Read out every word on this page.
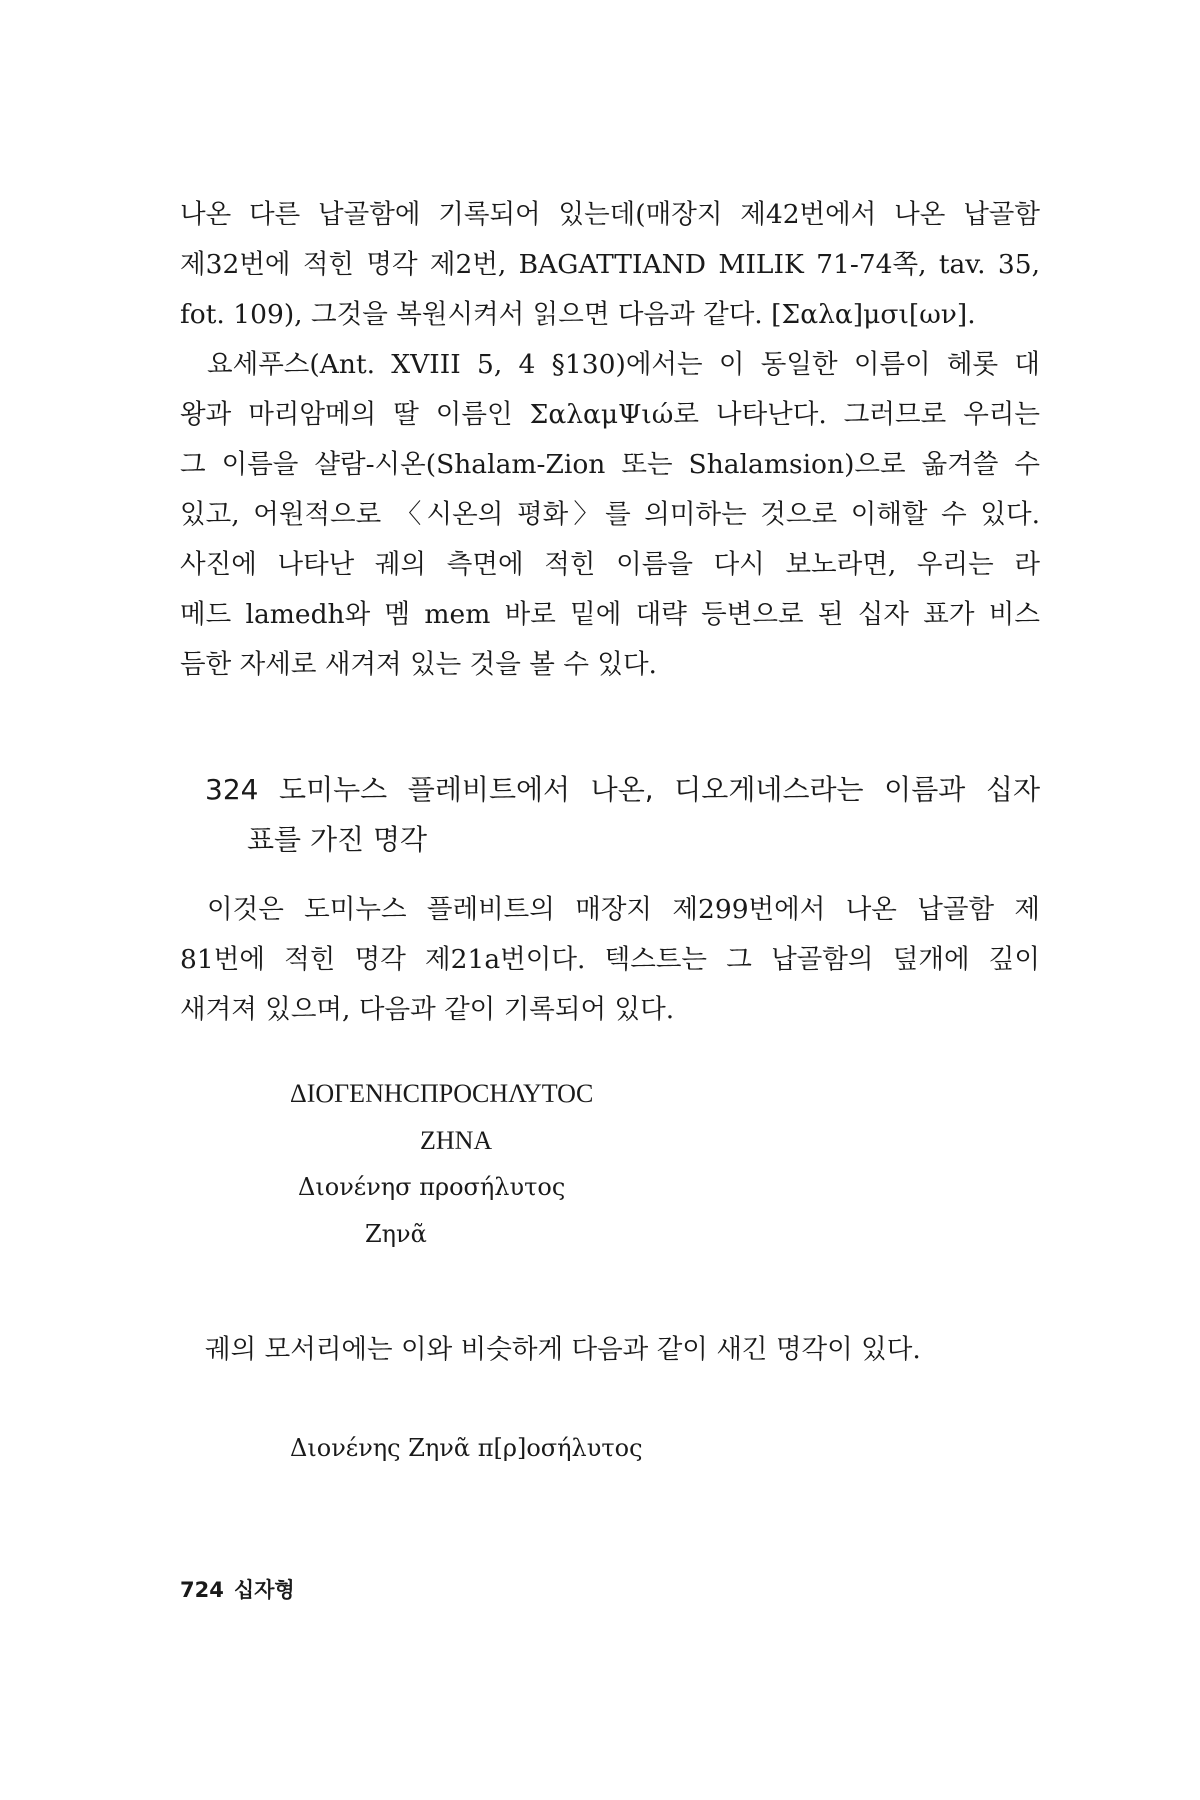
나온 다른 납골함에 기록되어 있는데(매장지 제42번에서 나온 납골함
제32번에 적힌 명각 제2번, BAGATTIAND MILIK 71-74쪽, tav. 35,
fot. 109), 그것을 복원시켜서 읽으면 다음과 같다. [Σαλα]μσι[ων].
요세푸스(Ant. XVIII 5, 4 §130)에서는 이 동일한 이름이 헤롯 대
왕과 마리암메의 딸 이름인 ΣαλαμΨιώ로 나타난다. 그러므로 우리는
그 이름을 샬람-시온(Shalam-Zion 또는 Shalamsion)으로 옮겨쓸 수
있고, 어원적으로 〈시온의 평화〉를 의미하는 것으로 이해할 수 있다.
사진에 나타난 궤의 측면에 적힌 이름을 다시 보노라면, 우리는 라
메드 lamedh와 멤 mem 바로 밑에 대략 등변으로 된 십자 표가 비스
듬한 자세로 새겨져 있는 것을 볼 수 있다.
324 도미누스 플레비트에서 나온, 디오게네스라는 이름과 십자
표를 가진 명각
이것은 도미누스 플레비트의 매장지 제299번에서 나온 납골함 제
81번에 적힌 명각 제21a번이다. 텍스트는 그 납골함의 덮개에 깊이
새겨져 있으며, 다음과 같이 기록되어 있다.
ΔΙΟΓΕΝΗCΠΡΟCΗΛΥΤΟC
ZΗΝΑ
Διονένησ προσήλυτος
Ζηνᾶ
궤의 모서리에는 이와 비슷하게 다음과 같이 새긴 명각이 있다.
Διονένης Ζηνᾶ π[ρ]οσήλυτος
724 십자형
